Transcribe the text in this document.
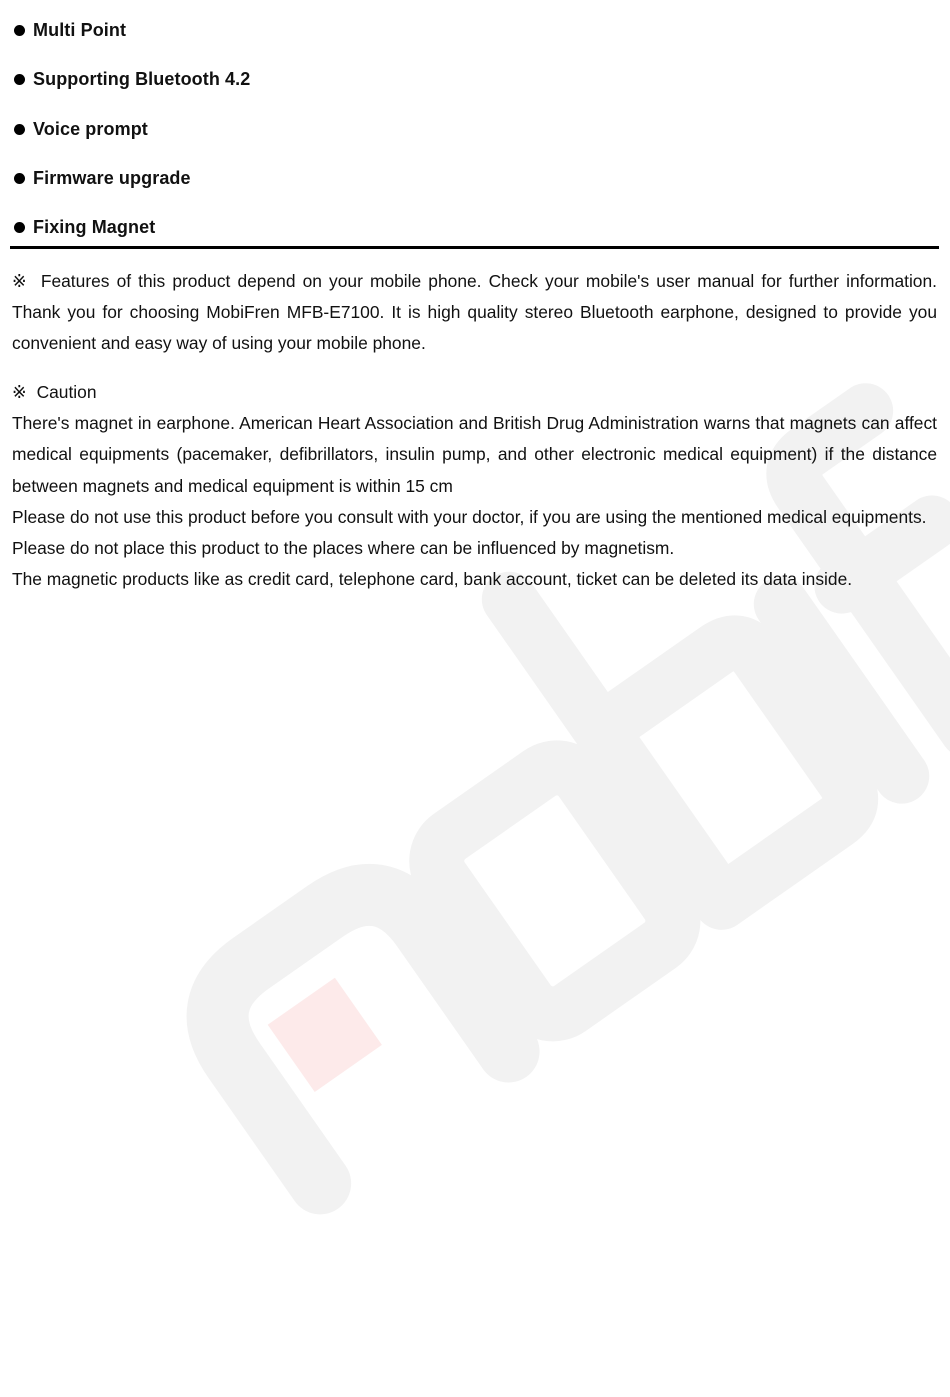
Multi Point
Supporting Bluetooth 4.2
Voice prompt
Firmware upgrade
Fixing Magnet

※ Features of this product depend on your mobile phone. Check your mobile's user manual for further information. Thank you for choosing MobiFren MFB-E7100. It is high quality stereo Bluetooth earphone, designed to provide you convenient and easy way of using your mobile phone.

※ Caution

There's magnet in earphone. American Heart Association and British Drug Administration warns that magnets can affect medical equipments (pacemaker, defibrillators, insulin pump, and other electronic medical equipment) if the distance between magnets and medical equipment is within 15 cm

Please do not use this product before you consult with your doctor, if you are using the mentioned medical equipments.

Please do not place this product to the places where can be influenced by magnetism.

The magnetic products like as credit card, telephone card, bank account, ticket can be deleted its data inside.
